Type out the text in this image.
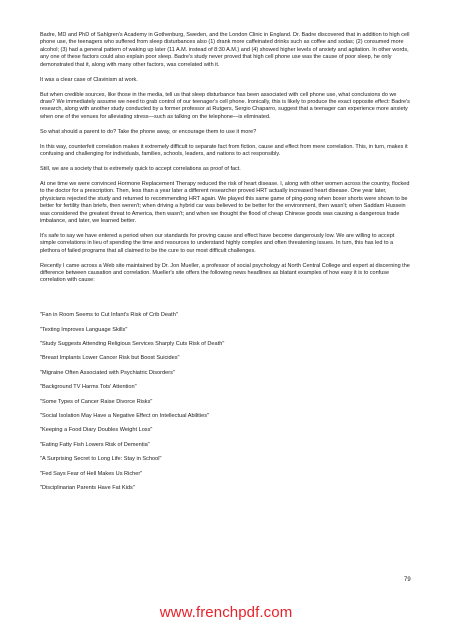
Badre, MD and PhD of Sahlgren's Academy in Gothenburg, Sweden, and the London Clinic in England. Dr. Badre discovered that in addition to high cell phone use, the teenagers who suffered from sleep disturbances also (1) drank more caffeinated drinks such as coffee and sodas; (2) consumed more alcohol; (3) had a general pattern of waking up later (11 A.M. instead of 8:30 A.M.) and (4) showed higher levels of anxiety and agitation. In other words, any one of these factors could also explain poor sleep. Badre's study never proved that high cell phone use was the cause of poor sleep, he only demonstrated that it, along with many other factors, was correlated with it.

It was a clear case of Clavinism at work.

But when credible sources, like those in the media, tell us that sleep disturbance has been associated with cell phone use, what conclusions do we draw? We immediately assume we need to grab control of our teenager's cell phone. Ironically, this is likely to produce the exact opposite effect: Badre's research, along with another study conducted by a former professor at Rutgers, Sergio Chaparro, suggest that a teenager can experience more anxiety when one of the venues for alleviating stress—such as talking on the telephone—is eliminated.

So what should a parent to do? Take the phone away, or encourage them to use it more?

In this way, counterfeit correlation makes it extremely difficult to separate fact from fiction, cause and effect from mere correlation. This, in turn, makes it confusing and challenging for individuals, families, schools, leaders, and nations to act responsibly.

Still, we are a society that is extremely quick to accept correlations as proof of fact.

At one time we were convinced Hormone Replacement Therapy reduced the risk of heart disease. I, along with other women across the country, flocked to the doctor for a prescription. Then, less than a year later a different researcher proved HRT actually increased heart disease. One year later, physicians rejected the study and returned to recommending HRT again. We played this same game of ping-pong when boxer shorts were shown to be better for fertility than briefs, then weren't; when driving a hybrid car was believed to be better for the environment, then wasn't; when Saddam Hussein was considered the greatest threat to America, then wasn't; and when we thought the flood of cheap Chinese goods was causing a dangerous trade imbalance, and later, we learned better.

It's safe to say we have entered a period when our standards for proving cause and effect have become dangerously low. We are willing to accept simple correlations in lieu of spending the time and resources to understand highly complex and often threatening issues. In turn, this has led to a plethora of failed programs that all claimed to be the cure to our most difficult challenges.

Recently I came across a Web site maintained by Dr. Jon Mueller, a professor of social psychology at North Central College and expert at discerning the difference between causation and correlation. Mueller's site offers the following news headlines as blatant examples of how easy it is to confuse correlation with cause:

"Fan in Room Seems to Cut Infant's Risk of Crib Death"

"Texting Improves Language Skills"

"Study Suggests Attending Religious Services Sharply Cuts Risk of Death"

"Breast Implants Lower Cancer Risk but Boost Suicides"

"Migraine Often Associated with Psychiatric Disorders"

"Background TV Harms Tots' Attention"

"Some Types of Cancer Raise Divorce Risks"

"Social Isolation May Have a Negative Effect on Intellectual Abilities"

"Keeping a Food Diary Doubles Weight Loss"

"Eating Fatty Fish Lowers Risk of Dementia"

"A Surprising Secret to Long Life: Stay in School"

"Fed Says Fear of Hell Makes Us Richer"

"Disciplinarian Parents Have Fat Kids"

79
www.frenchpdf.com
